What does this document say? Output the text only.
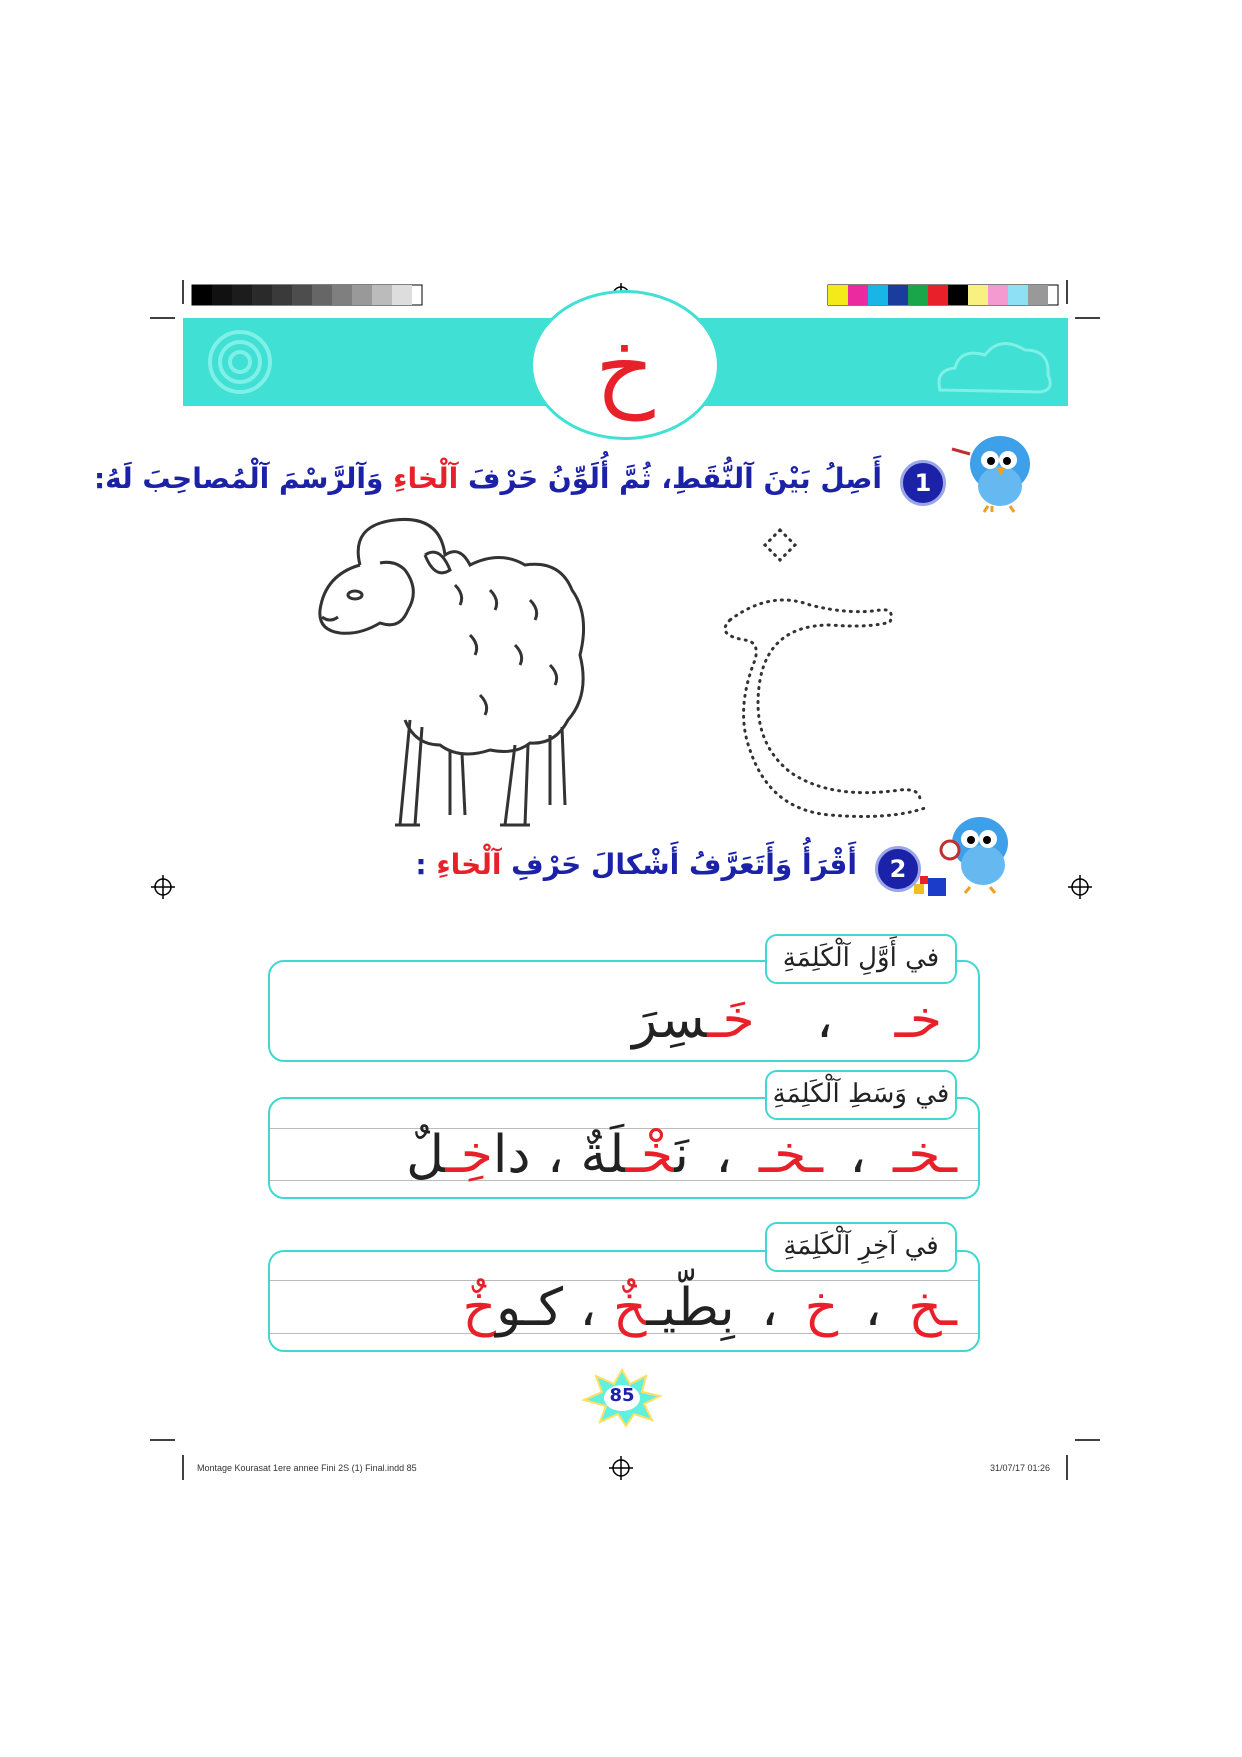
خ
1
أَصِلُ بَيْنَ آلنُّقَطِ، ثُمَّ أُلَوِّنُ حَرْفَ آلْخاءِ وَآلرَّسْمَ آلْمُصاحِبَ لَهُ:
2
أَقْرَأُ وَأَتَعَرَّفُ أَشْكالَ حَرْفِ آلْخاءِ :
في أَوَّلِ آلْكَلِمَةِ
خـ،خَـسِرَ
في وَسَطِ آلْكَلِمَةِ
ـخـ،ـخـ،نَخْـلَةٌ،داخِـلٌ
في آخِرِ آلْكَلِمَةِ
ـخ،خ،بِطّيـخٌ،كـوخٌ
85
Montage Kourasat 1ere annee Fini 2S (1) Final.indd 85	31/07/17 01:26
